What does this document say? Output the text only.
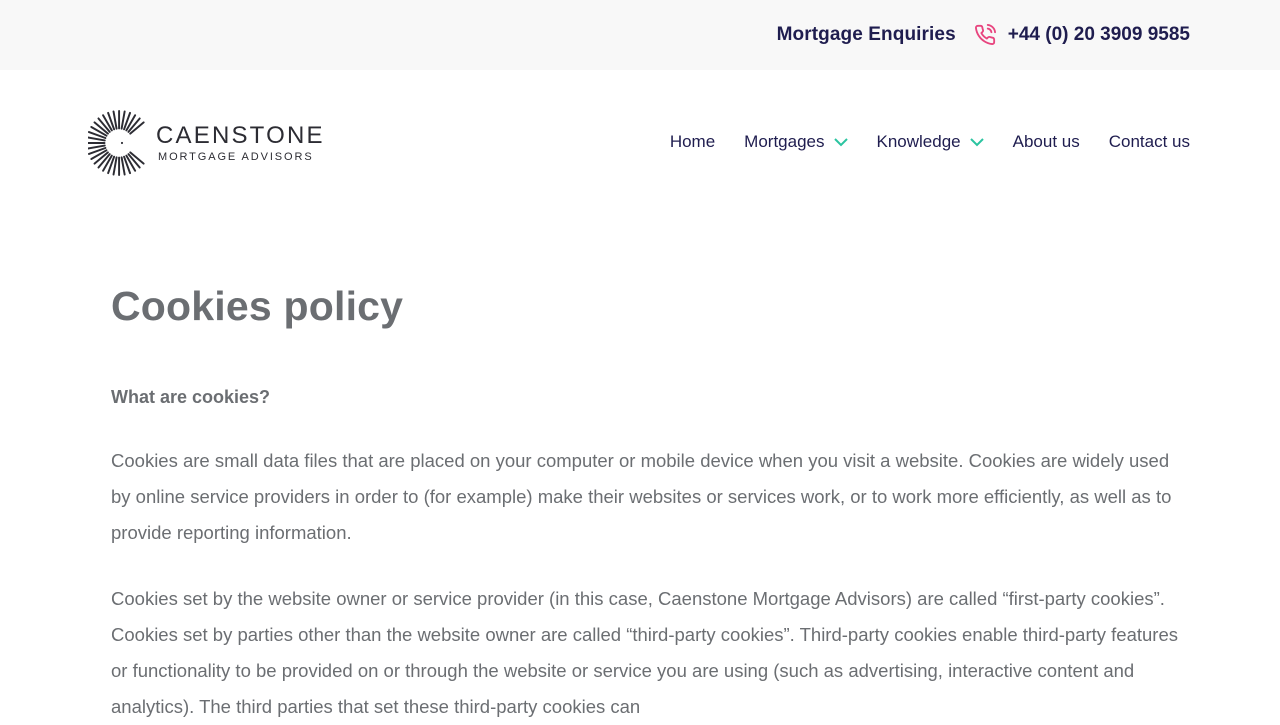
Mortgage Enquiries	+44 (0) 20 3909 9585
CAENSTONE
MORTGAGE ADVISORS
Home Mortgages	Knowledge	About us Contact us
Cookies policy
What are cookies?

Cookies are small data files that are placed on your computer or mobile device when you visit a website. Cookies are widely used by online service providers in order to (for example) make their websites or services work, or to work more efficiently, as well as to provide reporting information.

Cookies set by the website owner or service provider (in this case, Caenstone Mortgage Advisors) are called “first-party cookies”. Cookies set by parties other than the website owner are called “third-party cookies”. Third-party cookies enable third-party features or functionality to be provided on or through the website or service you are using (such as advertising, interactive content and analytics). The third parties that set these third-party cookies can
